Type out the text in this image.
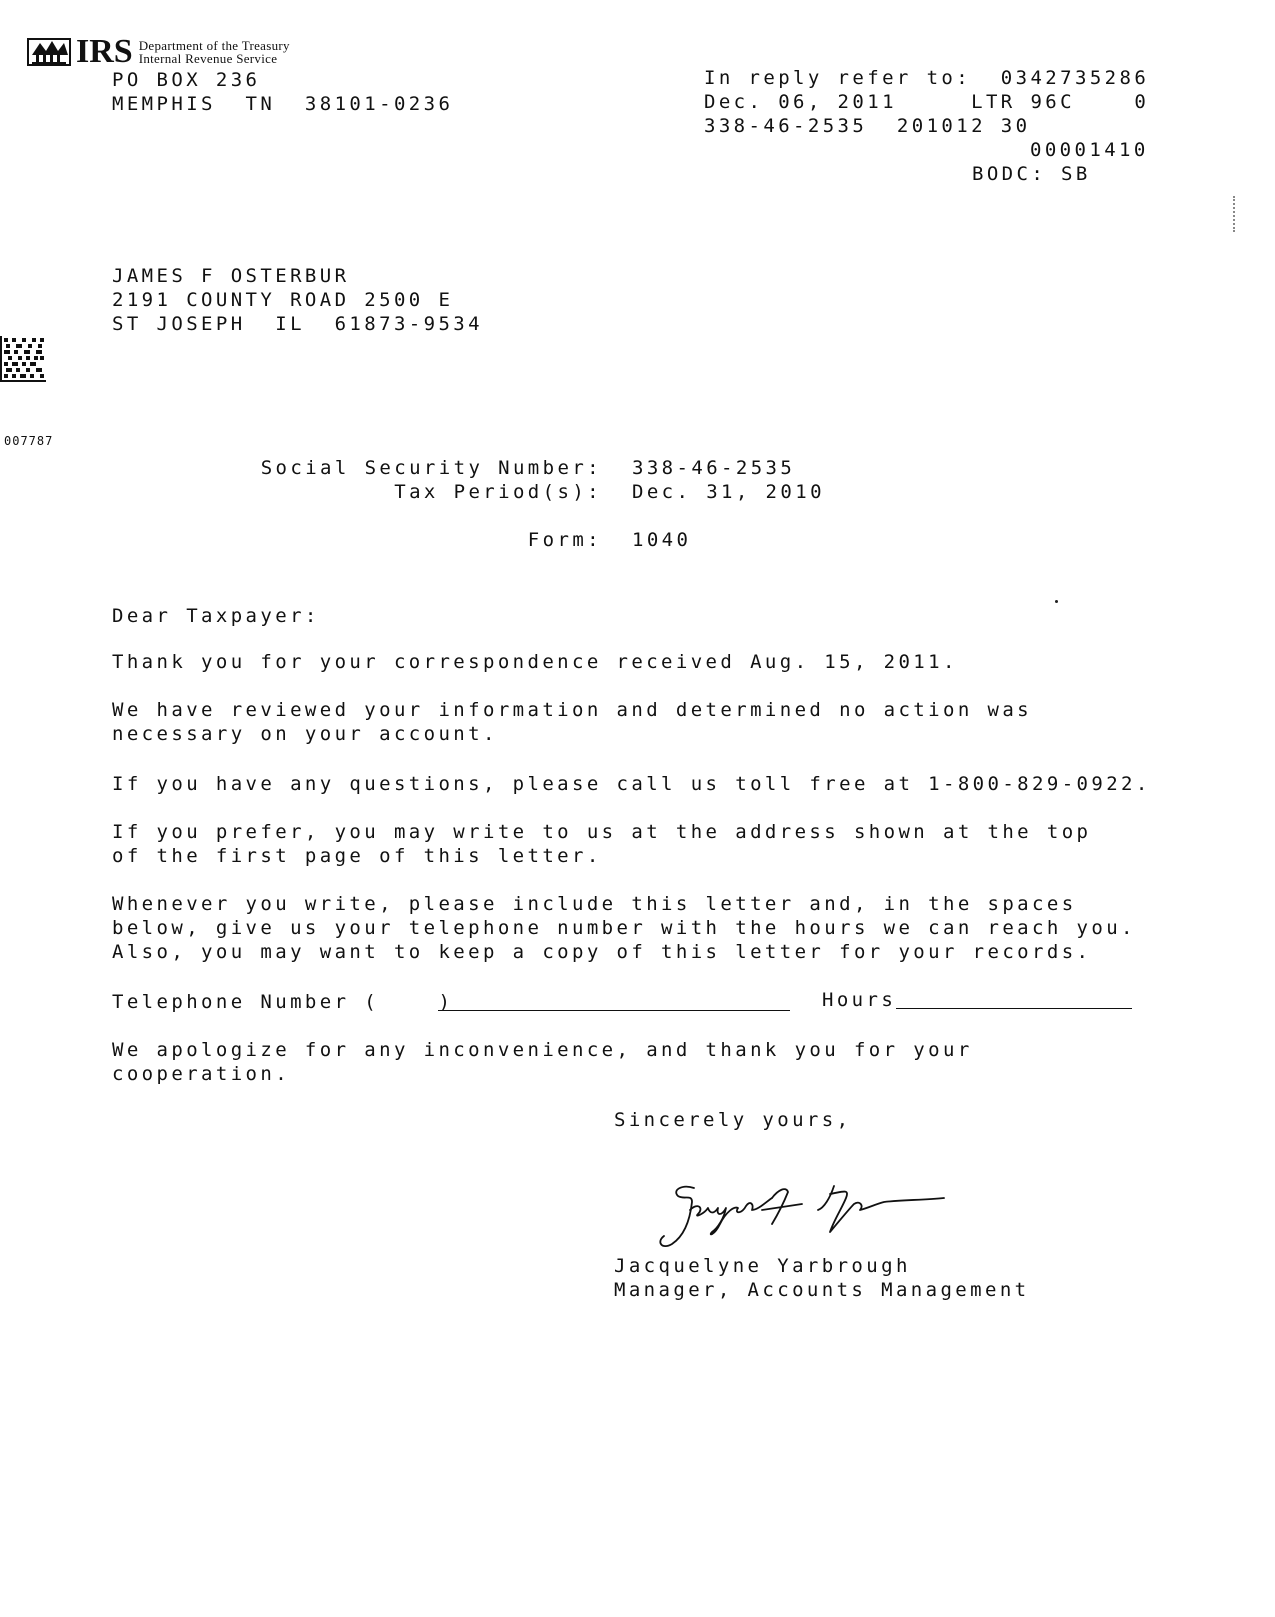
IRS Department of the Treasury
Internal Revenue Service
PO BOX 236
MEMPHIS  TN  38101-0236
In reply refer to:  0342735286
Dec. 06, 2011     LTR 96C    0
338-46-2535  201012 30
00001410
BODC: SB
JAMES F OSTERBUR
2191 COUNTY ROAD 2500 E
ST JOSEPH  IL  61873-9534
007787
Social Security Number: 338-46-2535
Tax Period(s): Dec. 31, 2010
Form: 1040
Dear Taxpayer:
Thank you for your correspondence received Aug. 15, 2011.
We have reviewed your information and determined no action was
necessary on your account.
If you have any questions, please call us toll free at 1-800-829-0922.
If you prefer, you may write to us at the address shown at the top
of the first page of this letter.
Whenever you write, please include this letter and, in the spaces
below, give us your telephone number with the hours we can reach you.
Also, you may want to keep a copy of this letter for your records.
Telephone Number (    )	Hours
We apologize for any inconvenience, and thank you for your
cooperation.
Sincerely yours,
Jacquelyne Yarbrough
Manager, Accounts Management
